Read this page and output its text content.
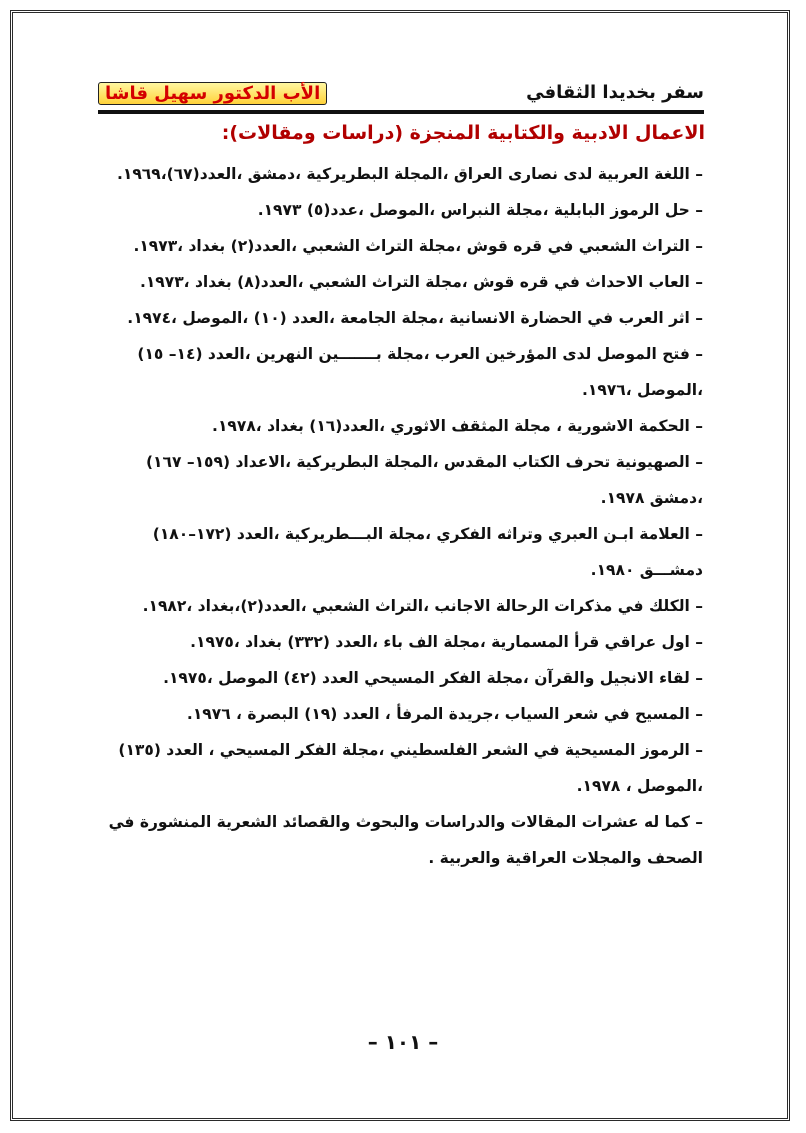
سفر بخديدا الثقافي
الأب الدكتور سهيل قاشا
الاعمال الادبية والكتابية المنجزة (دراسات ومقالات):

– اللغة العربية لدى نصارى العراق ،المجلة البطريركية ،دمشق ،العدد(٦٧)،١٩٦٩.

– حل الرموز البابلية ،مجلة النبراس ،الموصل ،عدد(٥) ١٩٧٣.

– التراث الشعبي في قره قوش ،مجلة التراث الشعبي ،العدد(٢) بغداد ،١٩٧٣.

– العاب الاحداث في قره قوش ،مجلة التراث الشعبي ،العدد(٨) بغداد ،١٩٧٣.

– اثر العرب في الحضارة الانسانية ،مجلة الجامعة ،العدد (١٠) ،الموصل ،١٩٧٤.

– فتح الموصل لدى المؤرخين العرب ،مجلة بـــــــين النهرين ،العدد (١٤– ١٥) ،الموصل ،١٩٧٦.

– الحكمة الاشورية ، مجلة المثقف الاثوري ،العدد(١٦) بغداد ،١٩٧٨.

– الصهيونية تحرف الكتاب المقدس ،المجلة البطريركية ،الاعداد (١٥٩– ١٦٧) ،دمشق ١٩٧٨.

– العلامة ابـن العبري وتراثه الفكري ،مجلة البـــطريركية ،العدد (١٧٢–١٨٠) دمشـــق ١٩٨٠.

– الكلك في مذكرات الرحالة الاجانب ،التراث الشعبي ،العدد(٢)،بغداد ،١٩٨٢.

– اول عراقي قرأ المسمارية ،مجلة الف باء ،العدد (٣٣٢) بغداد ،١٩٧٥.

– لقاء الانجيل والقرآن ،مجلة الفكر المسيحي العدد (٤٢) الموصل ،١٩٧٥.

– المسيح في شعر السياب ،جريدة المرفأ ، العدد (١٩) البصرة ، ١٩٧٦.

– الرموز المسيحية في الشعر الفلسطيني ،مجلة الفكر المسيحي ، العدد (١٣٥) ،الموصل ، ١٩٧٨.

– كما له عشرات المقالات والدراسات والبحوث والقصائد الشعرية المنشورة في الصحف والمجلات العراقية والعربية .

– ١٠١ –
